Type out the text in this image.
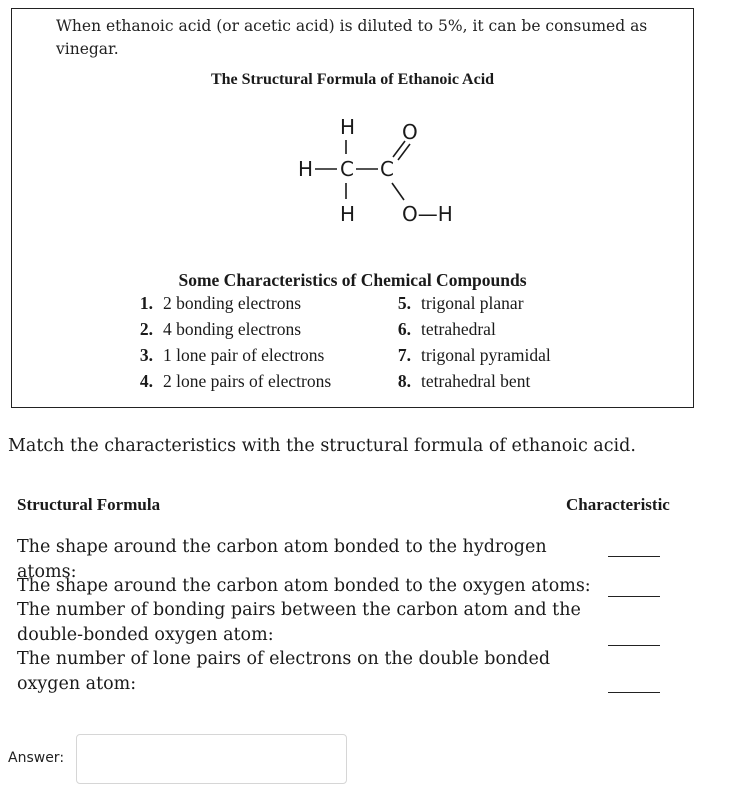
When ethanoic acid (or acetic acid) is diluted to 5%, it can be consumed as vinegar.
The Structural Formula of Ethanoic Acid
H
H C C
H
O
O—H
Some Characteristics of Chemical Compounds
1. 2 bonding electrons
2. 4 bonding electrons
3. 1 lone pair of electrons
4. 2 lone pairs of electrons
5. trigonal planar
6. tetrahedral
7. trigonal pyramidal
8. tetrahedral bent
Match the characteristics with the structural formula of ethanoic acid.
Structural Formula	Characteristic
The shape around the carbon atom bonded to the hydrogen atoms:
The shape around the carbon atom bonded to the oxygen atoms:
The number of bonding pairs between the carbon atom and the double-bonded oxygen atom:
The number of lone pairs of electrons on the double bonded oxygen atom:
Answer:
